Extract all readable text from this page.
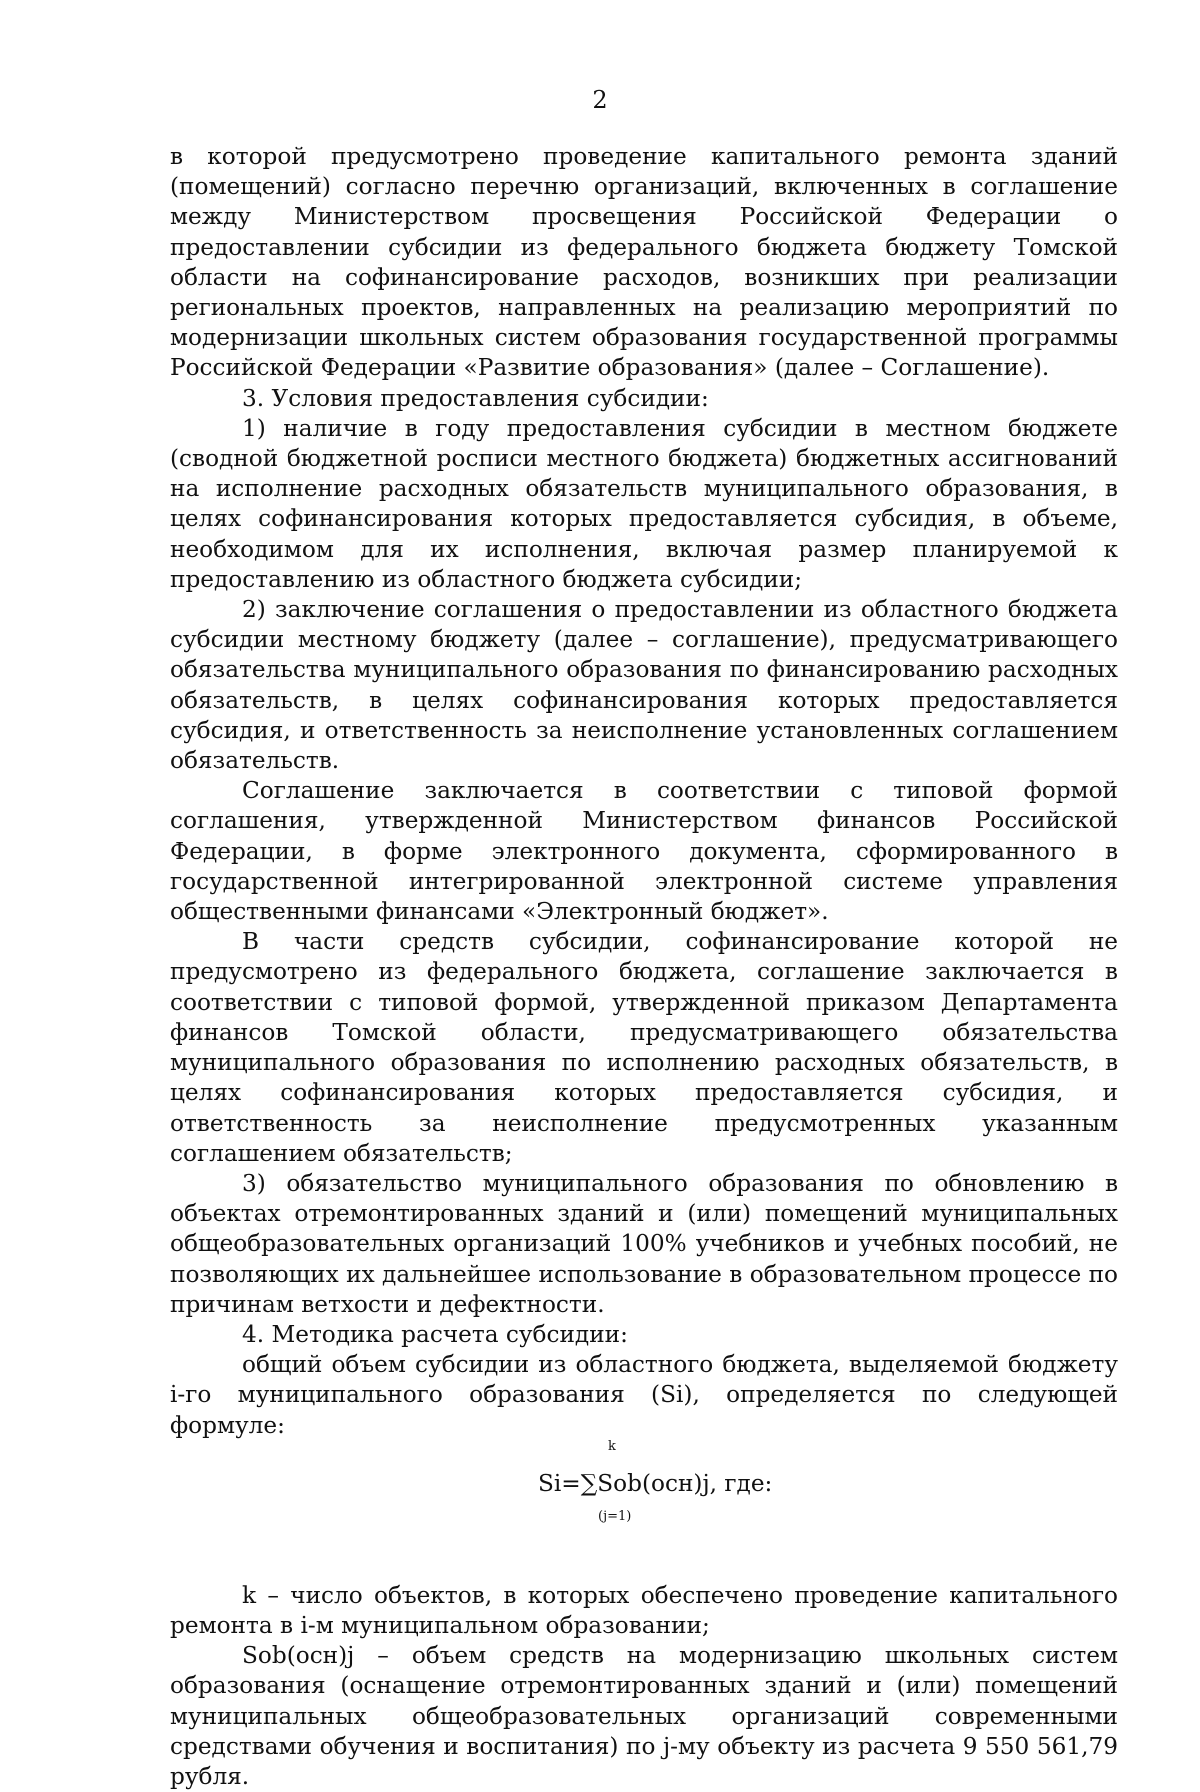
2

в которой предусмотрено проведение капитального ремонта зданий (помещений) согласно перечню организаций, включенных в соглашение между Министерством просвещения Российской Федерации о предоставлении субсидии из федерального бюджета бюджету Томской области на софинансирование расходов, возникших при реализации региональных проектов, направленных на реализацию мероприятий по модернизации школьных систем образования государственной программы Российской Федерации «Развитие образования» (далее – Соглашение).

3. Условия предоставления субсидии:

1) наличие в году предоставления субсидии в местном бюджете (сводной бюджетной росписи местного бюджета) бюджетных ассигнований на исполнение расходных обязательств муниципального образования, в целях софинансирования которых предоставляется субсидия, в объеме, необходимом для их исполнения, включая размер планируемой к предоставлению из областного бюджета субсидии;

2) заключение соглашения о предоставлении из областного бюджета субсидии местному бюджету (далее – соглашение), предусматривающего обязательства муниципального образования по финансированию расходных обязательств, в целях софинансирования которых предоставляется субсидия, и ответственность за неисполнение установленных соглашением обязательств.

Соглашение заключается в соответствии с типовой формой соглашения, утвержденной Министерством финансов Российской Федерации, в форме электронного документа, сформированного в государственной интегрированной электронной системе управления общественными финансами «Электронный бюджет».

В части средств субсидии, софинансирование которой не предусмотрено из федерального бюджета, соглашение заключается в соответствии с типовой формой, утвержденной приказом Департамента финансов Томской области, предусматривающего обязательства муниципального образования по исполнению расходных обязательств, в целях софинансирования которых предоставляется субсидия, и ответственность за неисполнение предусмотренных указанным соглашением обязательств;

3) обязательство муниципального образования по обновлению в объектах отремонтированных зданий и (или) помещений муниципальных общеобразовательных организаций 100% учебников и учебных пособий, не позволяющих их дальнейшее использование в образовательном процессе по причинам ветхости и дефектности.

4. Методика расчета субсидии:

общий объем субсидии из областного бюджета, выделяемой бюджету i-го муниципального образования (Si), определяется по следующей формуле:

k
Si=∑Sob(осн)j, где:
(j=1)

k – число объектов, в которых обеспечено проведение капитального ремонта в i-м муниципальном образовании;

Sob(осн)j – объем средств на модернизацию школьных систем образования (оснащение отремонтированных зданий и (или) помещений муниципальных общеобразовательных организаций современными средствами обучения и воспитания) по j-му объекту из расчета 9 550 561,79 рубля.
